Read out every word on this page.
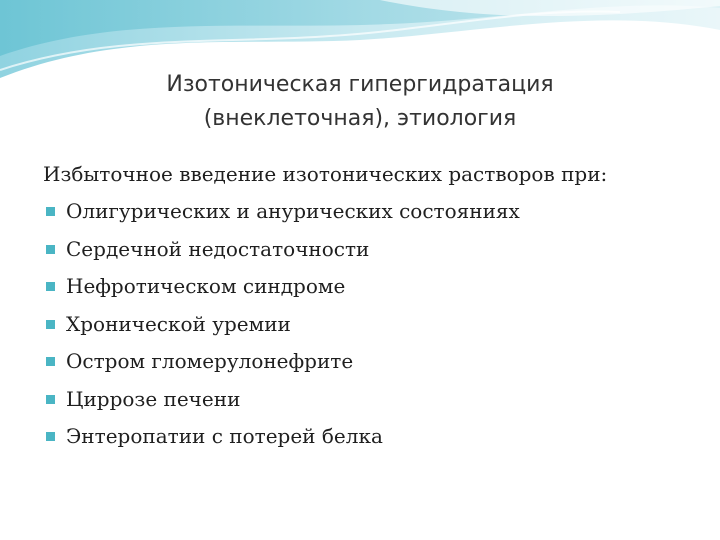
Изотоническая гипергидратация
(внеклеточная), этиология
Избыточное введение изотонических растворов при:
Олигурических и анурических состояниях
Сердечной недостаточности
Нефротическом синдроме
Хронической уремии
Остром гломерулонефрите
Циррозе печени
Энтеропатии с потерей белка
